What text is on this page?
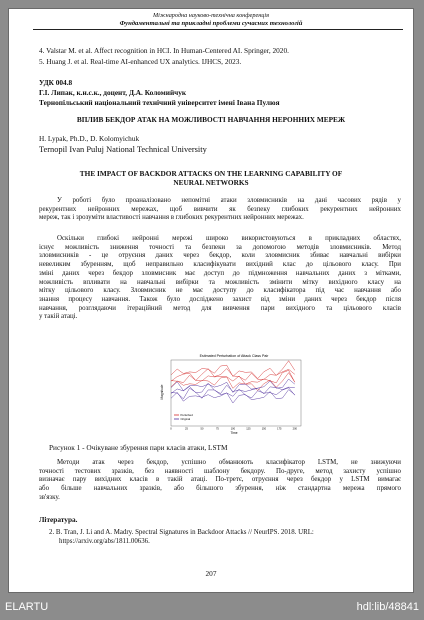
Міжнародна науково-технічна конференція
Фундаментальні та прикладні проблеми сучасних технологій
4. Valstar M. et al. Affect recognition in HCI. In Human-Centered AI. Springer, 2020.
5. Huang J. et al. Real-time AI-enhanced UX analytics. IJHCS, 2023.
УДК 004.8
Г.І. Липак, к.н.с.к., доцент, Д.А. Коломийчук
Тернопільський національний технічний університет імені Івана Пулюя
ВПЛИВ БЕКДОР АТАК НА МОЖЛИВОСТІ НАВЧАННЯ НЕРОННИХ МЕРЕЖ
H. Lypak, Ph.D., D. Kolomyichuk
Ternopil Ivan Puluj National Technical University
THE IMPACT OF BACKDOR ATTACKS ON THE LEARNING CAPABILITY OF
NEURAL NETWORKS
У роботі було проаналізовано непомітні атаки зловмисників на дані часових рядів у
рекурентних нейронних мережах, щоб вивчити як безпеку глибоких рекурентних нейронних
мереж, так і зрозуміти властивості навчання в глибоких рекурентних нейронних мережах.
Оскільки глибокі нейронні мережі широко використовуються в прикладних областях,
існує можливість зниження точності та безпеки за допомогою методів зловмисників. Метод
зловмисників - це отруєння даних через бекдор, коли зловмисник збиває навчальні вибірки
невеликим збуренням, щоб неправильно класифікувати вихідний клас до цільового класу. При
зміні даних через бекдор зловмисник має доступ до підмноження навчальних даних з мітками,
можливість впливати на навчальні вибірки та можливість змінити мітку вихідного класу на
мітку цільового класу. Зловмисник не має доступу до класифікатора під час навчання або
знання процесу навчання. Також було досліджено захист від зміни даних через бекдор після
навчання, розглядаючи ітераційний метод для вивчення пари вихідного та цільового класів
у такій атаці.
Estimated Perturbation of Attack Class Pair
Magnitude
Time
0	25	50	75	100	125	150	175	200
Perturbed
Original
Рисунок 1 - Очікуване збурення пари класів атаки, LSTM
Методи атак через бекдор, успішно обманюють класифікатор LSTM, не знижуючи
точності тестових зразків, без наявності шаблону бекдору. По-друге, метод захисту успішно
визначає пару вихідних класів в такій атаці. По-третє, отруєння через бекдор у LSTM вимагає
або більше навчальних зразків, або більшого збурення, ніж стандартна мережа прямого
зв'язку.
Література.
2. B. Tran, J. Li and A. Madry. Spectral Signatures in Backdoor Attacks // NeurIPS. 2018. URL:
https://arxiv.org/abs/1811.00636.
207
ELARTU	hdl:lib/48841
